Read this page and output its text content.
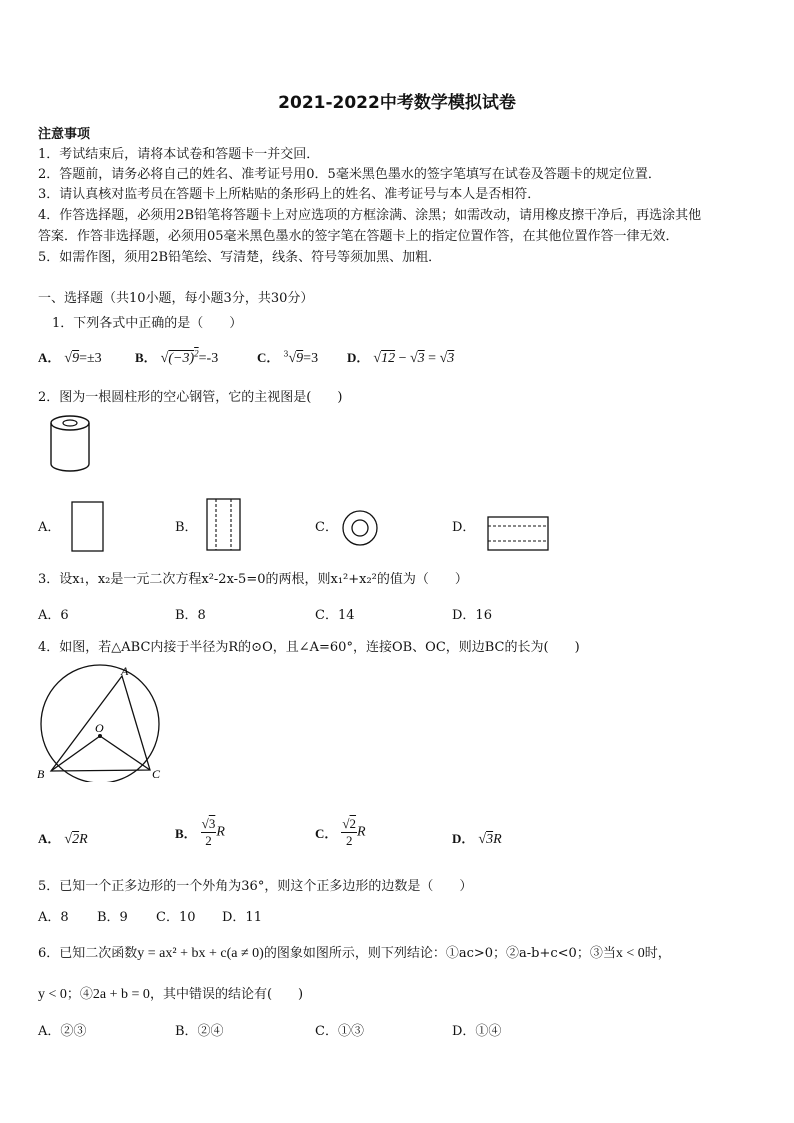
2021-2022中考数学模拟试卷
注意事项
1．考试结束后，请将本试卷和答题卡一并交回．
2．答题前，请务必将自己的姓名、准考证号用0．5毫米黑色墨水的签字笔填写在试卷及答题卡的规定位置．
3．请认真核对监考员在答题卡上所粘贴的条形码上的姓名、准考证号与本人是否相符．
4．作答选择题，必须用2B铅笔将答题卡上对应选项的方框涂满、涂黑；如需改动，请用橡皮擦干净后，再选涂其他
答案．作答非选择题，必须用05毫米黑色墨水的签字笔在答题卡上的指定位置作答，在其他位置作答一律无效．
5．如需作图，须用2B铅笔绘、写清楚，线条、符号等须加黑、加粗．
一、选择题（共10小题，每小题3分，共30分）
1．下列各式中正确的是（　　）
A． √9=±3	B． $√(-3)^2=-3$	C． $^3$√9=3 D． √12 − √3 = √3
2．图为一根圆柱形的空心钢管，它的主视图是(　　)
A．	B．	C．	D．
3．设x₁，x₂是一元二次方程x²-2x-5=0的两根，则x₁²+x₂²的值为（　　）
A．6	B．8	C．14	D．16
4．如图，若△ABC内接于半径为R的⊙O，且∠A=60°，连接OB、OC，则边BC的长为(　　)
A
O
B	C
A． √2R	B． $\frac{√3}{2}$ R	C． $\frac{√2}{2}$ R	D． √3R
5．已知一个正多边形的一个外角为36°，则这个正多边形的边数是（　　）
A．8 B．9 C．10 D．11
6．已知二次函数y = ax² + bx + c(a ≠ 0)的图象如图所示，则下列结论：①ac>0；②a-b+c<0；③当x < 0时，
y < 0；④2a + b = 0，其中错误的结论有(　　)
A．②③	B．②④	C．①③	D．①④
